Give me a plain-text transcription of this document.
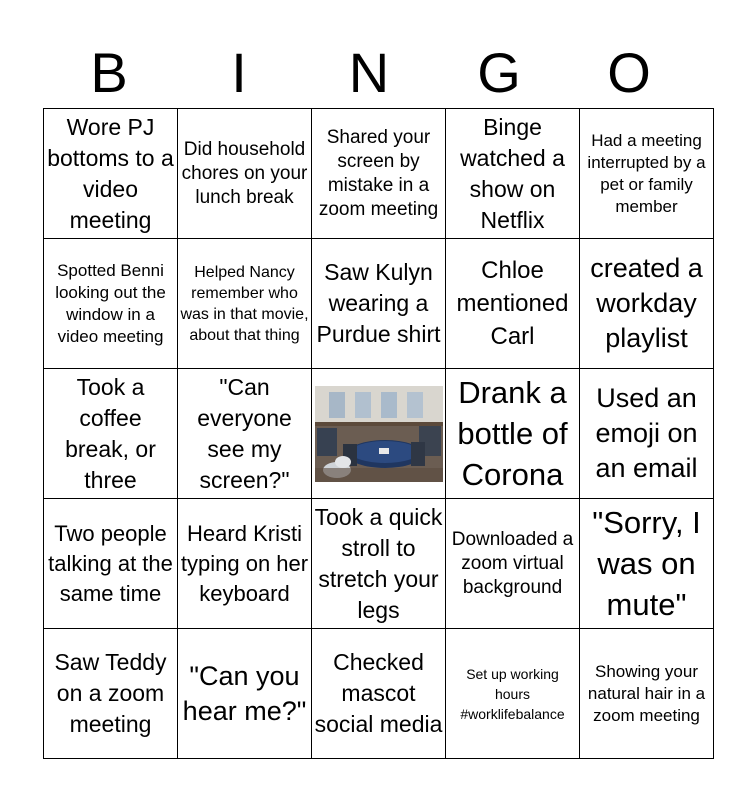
B	I	N	G	O
Wore PJ bottoms to a video meeting	Did household chores on your lunch break	Shared your screen by mistake in a zoom meeting	Binge watched a show on Netflix	Had a meeting interrupted by a pet or family member
Spotted Benni looking out the window in a video meeting	Helped Nancy remember who was in that movie, about that thing	Saw Kulyn wearing a Purdue shirt	Chloe mentioned Carl	created a workday playlist
Took a coffee break, or three	"Can everyone see my screen?"		Drank a bottle of Corona	Used an emoji on an email
Two people talking at the same time	Heard Kristi typing on her keyboard	Took a quick stroll to stretch your legs	Downloaded a zoom virtual background	"Sorry, I was on mute"
Saw Teddy on a zoom meeting	"Can you hear me?"	Checked mascot social media	Set up working hours #worklifebalance	Showing your natural hair in a zoom meeting
